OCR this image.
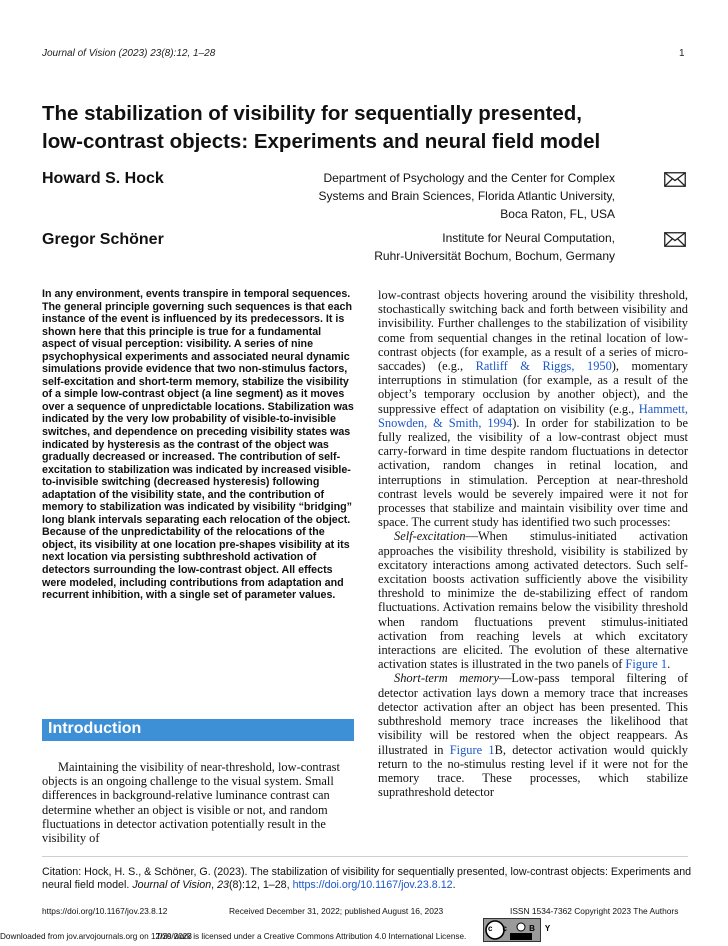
Journal of Vision (2023) 23(8):12, 1–28	1
The stabilization of visibility for sequentially presented,
low-contrast objects: Experiments and neural field model
Howard S. Hock	Department of Psychology and the Center for Complex
Systems and Brain Sciences, Florida Atlantic University,
Boca Raton, FL, USA
Gregor Schöner	Institute for Neural Computation,
Ruhr-Universität Bochum, Bochum, Germany
In any environment, events transpire in temporal sequences. The general principle governing such sequences is that each instance of the event is influenced by its predecessors. It is shown here that this principle is true for a fundamental aspect of visual perception: visibility. A series of nine psychophysical experiments and associated neural dynamic simulations provide evidence that two non-stimulus factors, self-excitation and short-term memory, stabilize the visibility of a simple low-contrast object (a line segment) as it moves over a sequence of unpredictable locations. Stabilization was indicated by the very low probability of visible-to-invisible switches, and dependence on preceding visibility states was indicated by hysteresis as the contrast of the object was gradually decreased or increased. The contribution of self-excitation to stabilization was indicated by increased visible-to-invisible switching (decreased hysteresis) following adaptation of the visibility state, and the contribution of memory to stabilization was indicated by visibility “bridging” long blank intervals separating each relocation of the object. Because of the unpredictability of the relocations of the object, its visibility at one location pre-shapes visibility at its next location via persisting subthreshold activation of detectors surrounding the low-contrast object. All effects were modeled, including contributions from adaptation and recurrent inhibition, with a single set of parameter values.
Introduction

Maintaining the visibility of near-threshold, low-contrast objects is an ongoing challenge to the visual system. Small differences in background-relative luminance contrast can determine whether an object is visible or not, and random fluctuations in detector activation potentially result in the visibility of

low-contrast objects hovering around the visibility threshold, stochastically switching back and forth between visibility and invisibility. Further challenges to the stabilization of visibility come from sequential changes in the retinal location of low-contrast objects (for example, as a result of a series of micro-saccades) (e.g., Ratliff & Riggs, 1950), momentary interruptions in stimulation (for example, as a result of the object’s temporary occlusion by another object), and the suppressive effect of adaptation on visibility (e.g., Hammett, Snowden, & Smith, 1994). In order for stabilization to be fully realized, the visibility of a low-contrast object must carry-forward in time despite random fluctuations in detector activation, random changes in retinal location, and interruptions in stimulation. Perception at near-threshold contrast levels would be severely impaired were it not for processes that stabilize and maintain visibility over time and space. The current study has identified two such processes:

Self-excitation—When stimulus-initiated activation approaches the visibility threshold, visibility is stabilized by excitatory interactions among activated detectors. Such self-excitation boosts activation sufficiently above the visibility threshold to minimize the de-stabilizing effect of random fluctuations. Activation remains below the visibility threshold when random fluctuations prevent stimulus-initiated activation from reaching levels at which excitatory interactions are elicited. The evolution of these alternative activation states is illustrated in the two panels of Figure 1.

Short-term memory—Low-pass temporal filtering of detector activation lays down a memory trace that increases detector activation after an object has been presented. This subthreshold memory trace increases the likelihood that visibility will be restored when the object reappears. As illustrated in Figure 1B, detector activation would quickly return to the no-stimulus resting level if it were not for the memory trace. These processes, which stabilize suprathreshold detector

Citation: Hock, H. S., & Schöner, G. (2023). The stabilization of visibility for sequentially presented, low-contrast objects: Experiments and neural field model. Journal of Vision, 23(8):12, 1–28, https://doi.org/10.1167/jov.23.8.12.
https://doi.org/10.1167/jov.23.8.12	Received December 31, 2022; published August 16, 2023	ISSN 1534-7362 Copyright 2023 The Authors
cc BY
Downloaded from jov.arvojournals.org on 12/20/2023This work is licensed under a Creative Commons Attribution 4.0 International License.
